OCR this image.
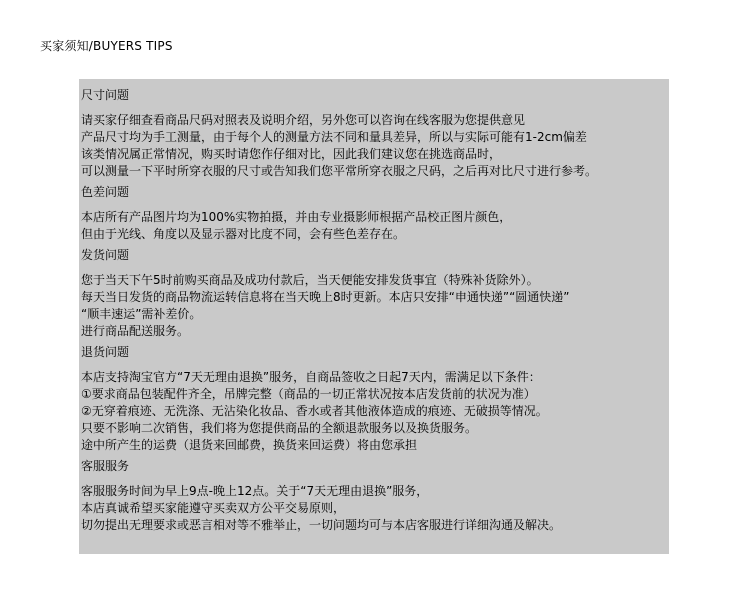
买家须知/BUYERS TIPS
尺寸问题
请买家仔细查看商品尺码对照表及说明介绍，另外您可以咨询在线客服为您提供意见
产品尺寸均为手工测量，由于每个人的测量方法不同和量具差异，所以与实际可能有1-2cm偏差
该类情况属正常情况，购买时请您作仔细对比，因此我们建议您在挑选商品时，
可以测量一下平时所穿衣服的尺寸或告知我们您平常所穿衣服之尺码，之后再对比尺寸进行参考。
色差问题
本店所有产品图片均为100%实物拍摄，并由专业摄影师根据产品校正图片颜色，
但由于光线、角度以及显示器对比度不同，会有些色差存在。
发货问题
您于当天下午5时前购买商品及成功付款后，当天便能安排发货事宜（特殊补货除外）。
每天当日发货的商品物流运转信息将在当天晚上8时更新。本店只安排“申通快递”“圆通快递”
“顺丰速运”需补差价。
进行商品配送服务。
退货问题
本店支持淘宝官方“7天无理由退换”服务，自商品签收之日起7天内，需满足以下条件：
①要求商品包装配件齐全，吊牌完整（商品的一切正常状况按本店发货前的状况为准）
②无穿着痕迹、无洗涤、无沾染化妆品、香水或者其他液体造成的痕迹、无破损等情况。
只要不影响二次销售，我们将为您提供商品的全额退款服务以及换货服务。
途中所产生的运费（退货来回邮费，换货来回运费）将由您承担
客服服务
客服服务时间为早上9点-晚上12点。关于“7天无理由退换”服务，
本店真诚希望买家能遵守买卖双方公平交易原则，
切勿提出无理要求或恶言相对等不雅举止，一切问题均可与本店客服进行详细沟通及解决。
